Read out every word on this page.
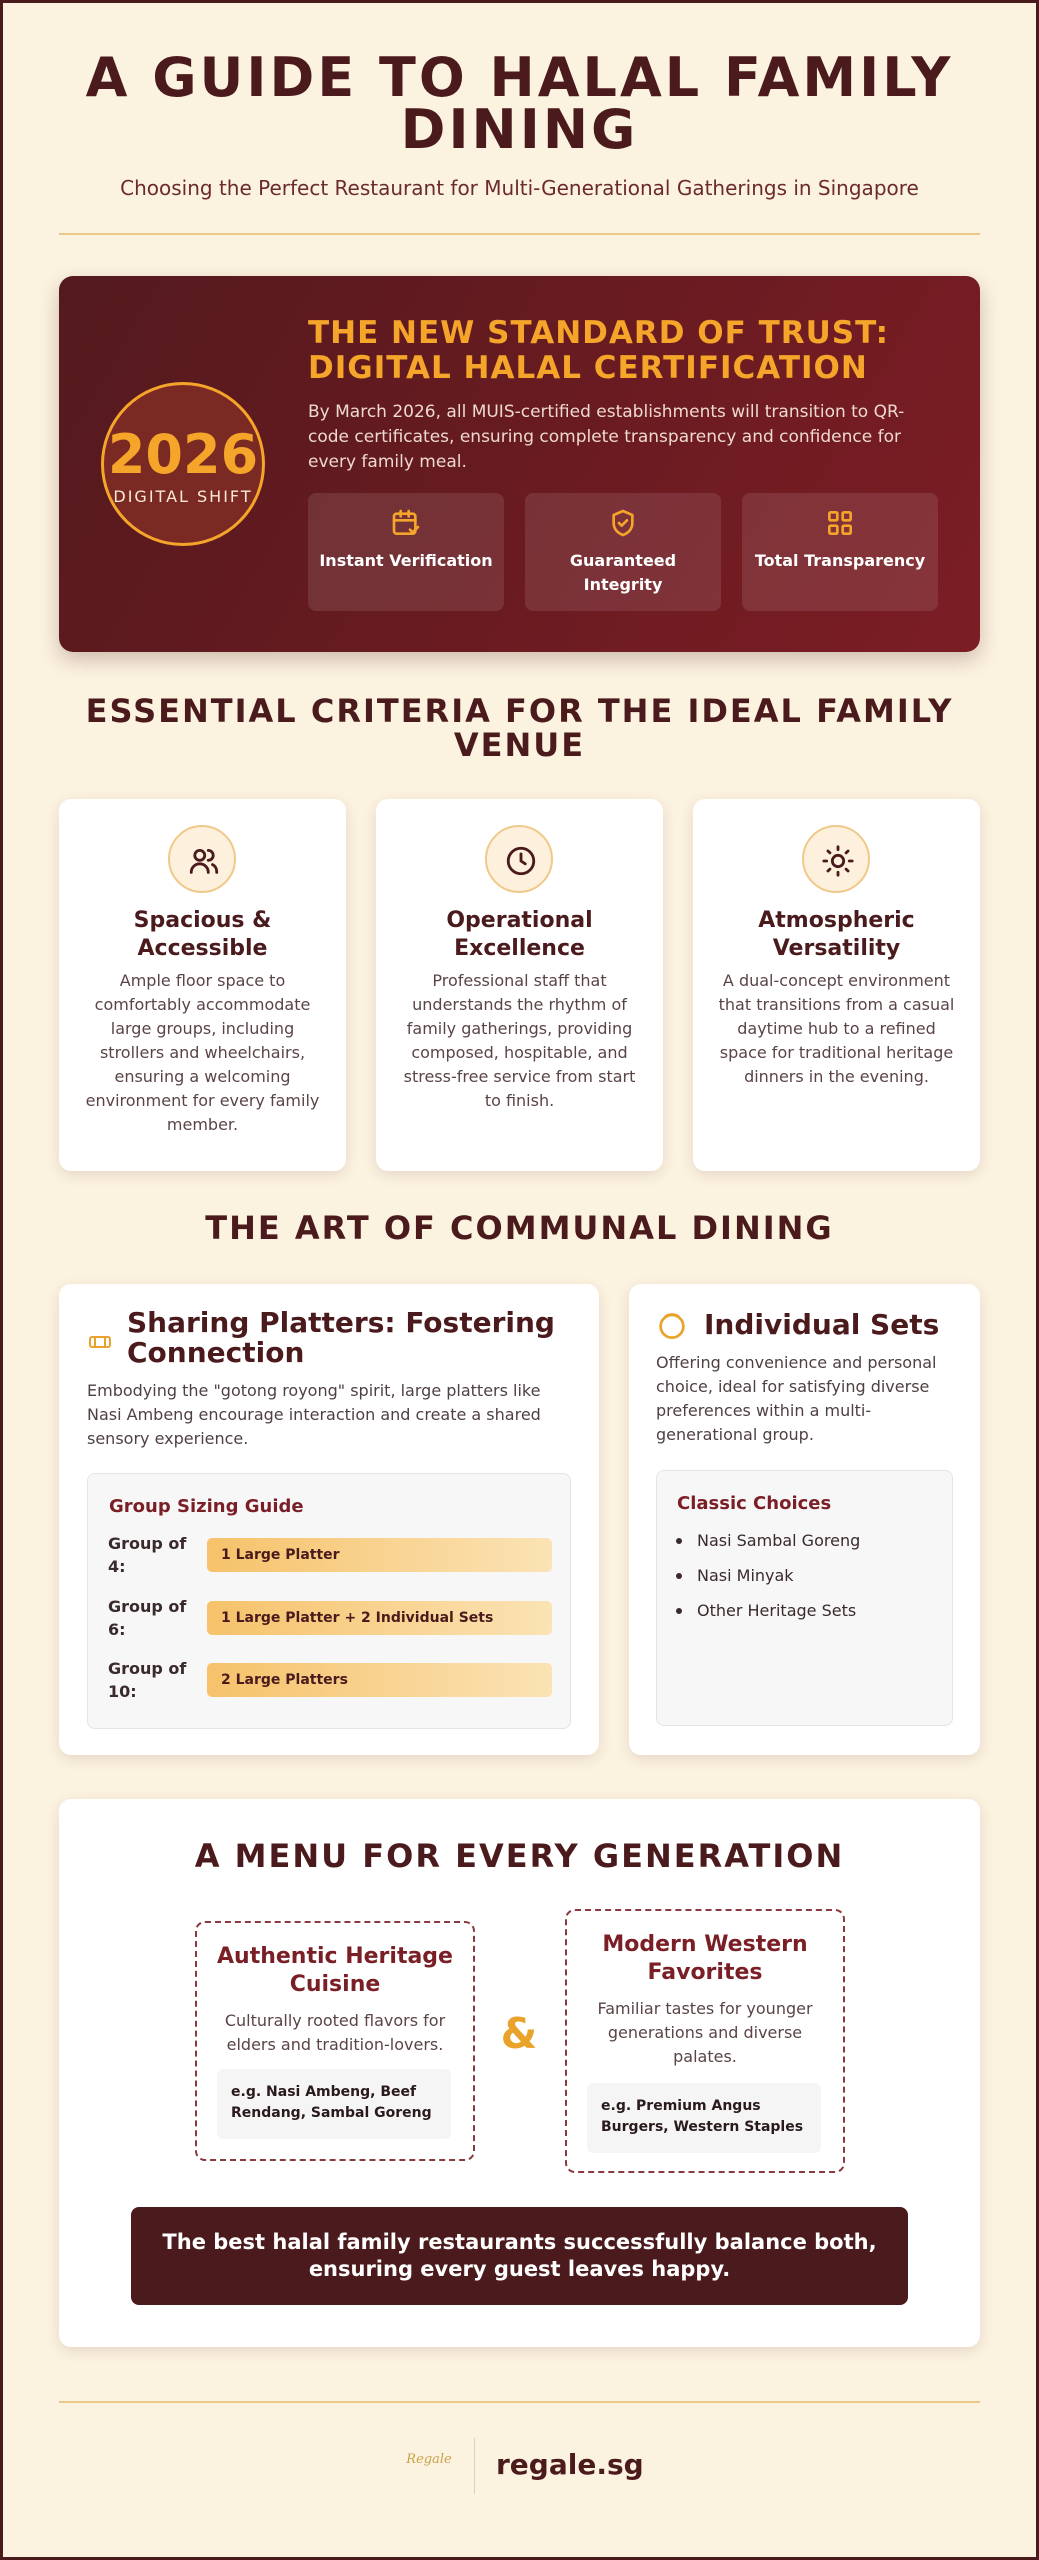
A GUIDE TO HALAL FAMILY DINING
Choosing the Perfect Restaurant for Multi-Generational Gatherings in Singapore
2026
DIGITAL SHIFT
THE NEW STANDARD OF TRUST: DIGITAL HALAL CERTIFICATION
By March 2026, all MUIS-certified establishments will transition to QR-code certificates, ensuring complete transparency and confidence for every family meal.
Instant Verification	Guaranteed Integrity
Total Transparency
ESSENTIAL CRITERIA FOR THE IDEAL FAMILY VENUE
Spacious & Accessible
Ample floor space to comfortably accommodate large groups, including strollers and wheelchairs, ensuring a welcoming environment for every family member.
Operational Excellence
Professional staff that understands the rhythm of family gatherings, providing composed, hospitable, and stress-free service from start to finish.
Atmospheric Versatility
A dual-concept environment that transitions from a casual daytime hub to a refined space for traditional heritage dinners in the evening.
THE ART OF COMMUNAL DINING
Sharing Platters: Fostering Connection
Embodying the "gotong royong" spirit, large platters like Nasi Ambeng encourage interaction and create a shared sensory experience.
Group Sizing Guide
Group of 4:
1 Large Platter
Group of 6:
1 Large Platter + 2 Individual Sets
Group of 10:
2 Large Platters
Individual Sets
Offering convenience and personal choice, ideal for satisfying diverse preferences within a multi-generational group.
Classic Choices
Nasi Sambal Goreng
Nasi Minyak
Other Heritage Sets
A MENU FOR EVERY GENERATION
Authentic Heritage Cuisine
Culturally rooted flavors for elders and tradition-lovers.
e.g. Nasi Ambeng, Beef Rendang, Sambal Goreng
&
Modern Western Favorites
Familiar tastes for younger generations and diverse palates.
e.g. Premium Angus Burgers, Western Staples
The best halal family restaurants successfully balance both, ensuring every guest leaves happy.
Regale regale.sg
